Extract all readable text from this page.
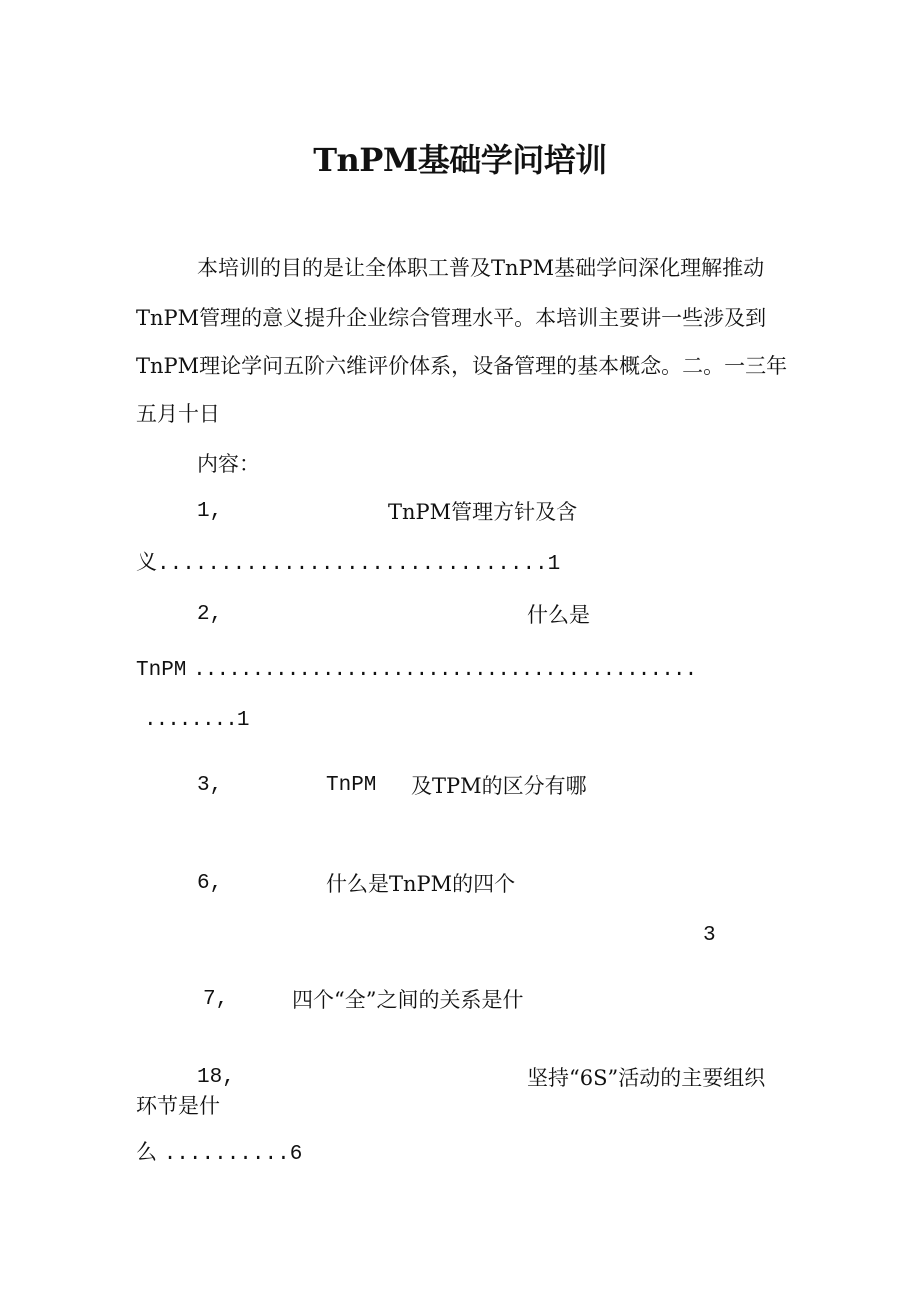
TnPM基础学问培训
本培训的目的是让全体职工普及TnPM基础学问深化理解推动
TnPM管理的意义提升企业综合管理水平。本培训主要讲一些涉及到
TnPM理论学问五阶六维评价体系，设备管理的基本概念。二。一三年
五月十日
内容：
1,	TnPM管理方针及含
义...............................1
2,	什么是
TnPM ...........................................
........1
3,	TnPM 及TPM的区分有哪
6,	什么是TnPM的四个
3
7,	四个“全”之间的关系是什
18,	坚持“6S”活动的主要组织
环节是什
么 ..........6
